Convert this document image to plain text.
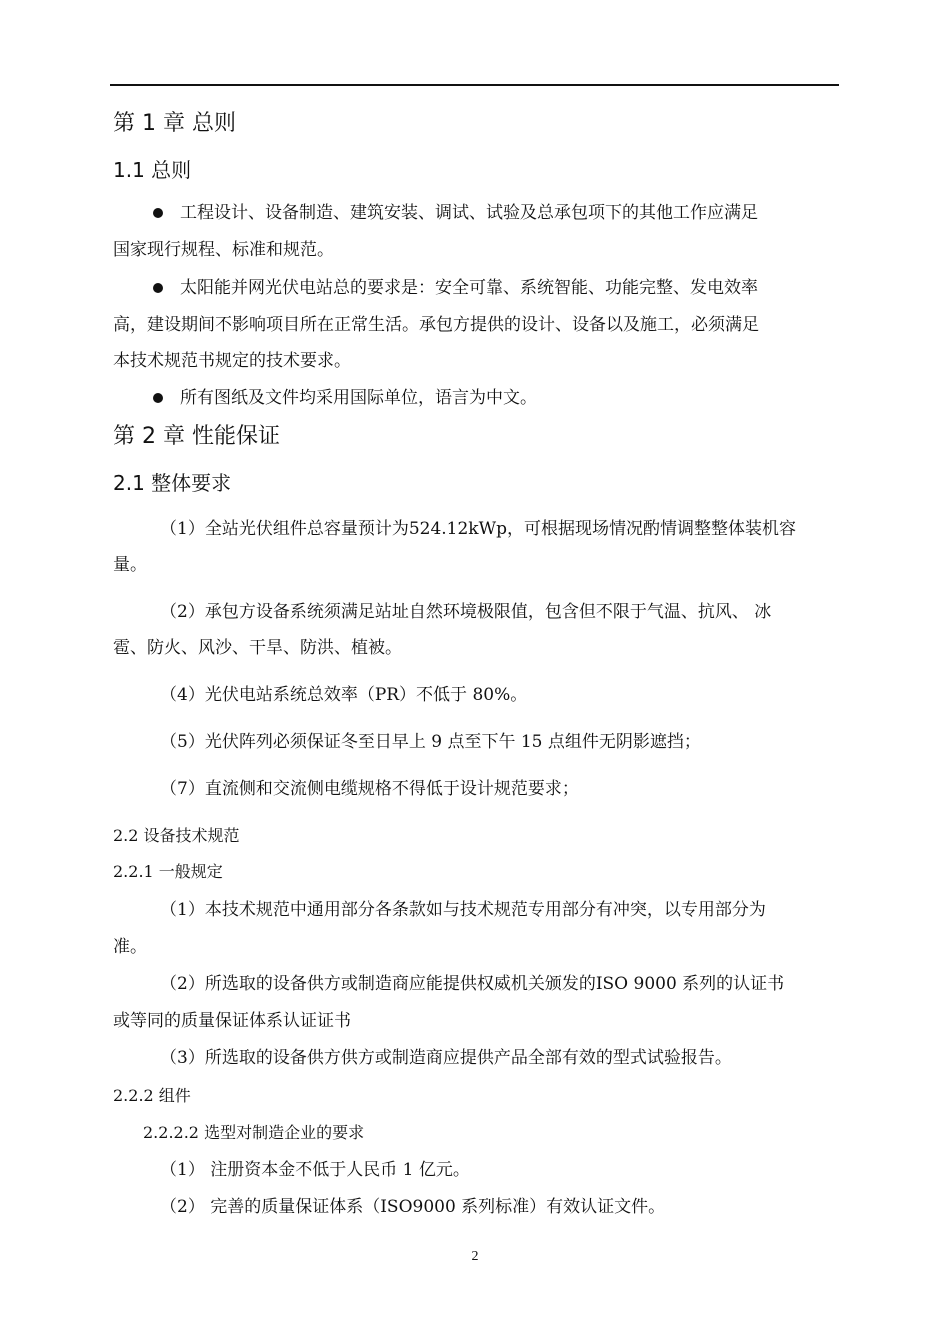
第 1 章 总则
1.1 总则
工程设计、设备制造、建筑安装、调试、试验及总承包项下的其他工作应满足
国家现行规程、标准和规范。
太阳能并网光伏电站总的要求是：安全可靠、系统智能、功能完整、发电效率
高，建设期间不影响项目所在正常生活。承包方提供的设计、设备以及施工，必须满足
本技术规范书规定的技术要求。
所有图纸及文件均采用国际单位，语言为中文。
第 2 章 性能保证
2.1 整体要求
（1）全站光伏组件总容量预计为524.12kWp，可根据现场情况酌情调整整体装机容
量。
（2）承包方设备系统须满足站址自然环境极限值，包含但不限于气温、抗风、 冰
雹、防火、风沙、干旱、防洪、植被。
（4）光伏电站系统总效率（PR）不低于 80%。
（5）光伏阵列必须保证冬至日早上 9 点至下午 15 点组件无阴影遮挡；
（7）直流侧和交流侧电缆规格不得低于设计规范要求；
2.2 设备技术规范
2.2.1 一般规定
（1）本技术规范中通用部分各条款如与技术规范专用部分有冲突，以专用部分为
准。
（2）所选取的设备供方或制造商应能提供权威机关颁发的ISO 9000 系列的认证书
或等同的质量保证体系认证证书
（3）所选取的设备供方供方或制造商应提供产品全部有效的型式试验报告。
2.2.2 组件
2.2.2.2 选型对制造企业的要求
（1） 注册资本金不低于人民币 1 亿元。
（2） 完善的质量保证体系（ISO9000 系列标准）有效认证文件。
2
